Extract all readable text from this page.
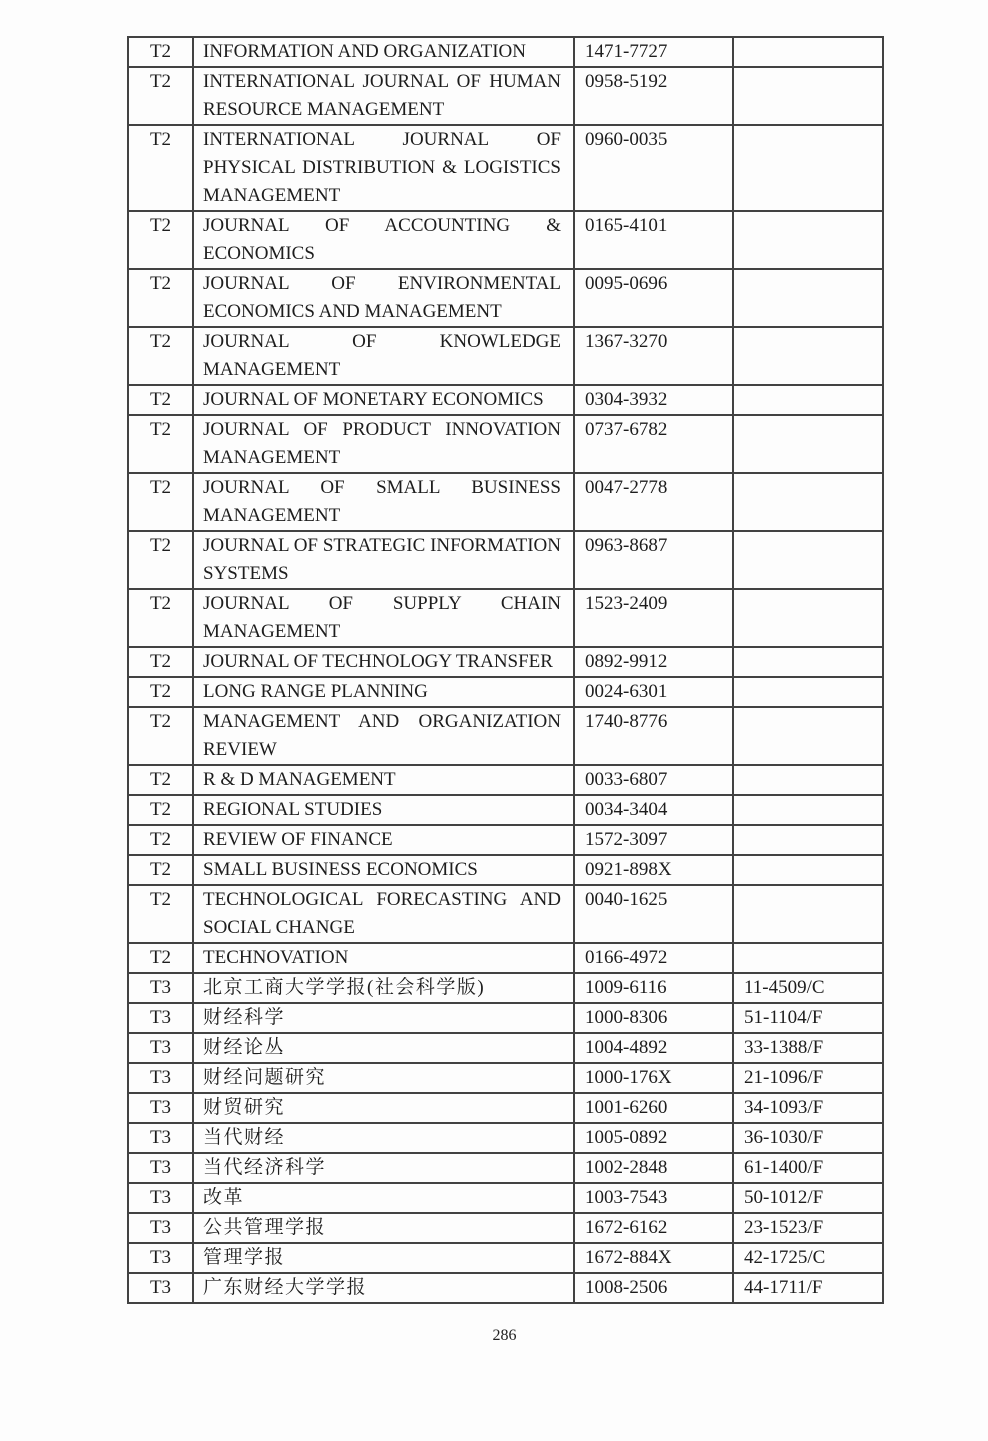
T2	INFORMATION AND ORGANIZATION	1471-7727	
T2	INTERNATIONAL JOURNAL OF HUMAN RESOURCE MANAGEMENT	0958-5192	
T2	INTERNATIONAL JOURNAL OF PHYSICAL DISTRIBUTION & LOGISTICS MANAGEMENT	0960-0035	
T2	JOURNAL OF ACCOUNTING & ECONOMICS	0165-4101	
T2	JOURNAL OF ENVIRONMENTAL ECONOMICS AND MANAGEMENT	0095-0696	
T2	JOURNAL OF KNOWLEDGE MANAGEMENT	1367-3270	
T2	JOURNAL OF MONETARY ECONOMICS	0304-3932	
T2	JOURNAL OF PRODUCT INNOVATION MANAGEMENT	0737-6782	
T2	JOURNAL OF SMALL BUSINESS MANAGEMENT	0047-2778	
T2	JOURNAL OF STRATEGIC INFORMATION SYSTEMS	0963-8687	
T2	JOURNAL OF SUPPLY CHAIN MANAGEMENT	1523-2409	
T2	JOURNAL OF TECHNOLOGY TRANSFER	0892-9912	
T2	LONG RANGE PLANNING	0024-6301	
T2	MANAGEMENT AND ORGANIZATION REVIEW	1740-8776	
T2	R & D MANAGEMENT	0033-6807	
T2	REGIONAL STUDIES	0034-3404	
T2	REVIEW OF FINANCE	1572-3097	
T2	SMALL BUSINESS ECONOMICS	0921-898X	
T2	TECHNOLOGICAL FORECASTING AND SOCIAL CHANGE	0040-1625	
T2	TECHNOVATION	0166-4972	
T3	北京工商大学学报(社会科学版)	1009-6116	11-4509/C
T3	财经科学	1000-8306	51-1104/F
T3	财经论丛	1004-4892	33-1388/F
T3	财经问题研究	1000-176X	21-1096/F
T3	财贸研究	1001-6260	34-1093/F
T3	当代财经	1005-0892	36-1030/F
T3	当代经济科学	1002-2848	61-1400/F
T3	改革	1003-7543	50-1012/F
T3	公共管理学报	1672-6162	23-1523/F
T3	管理学报	1672-884X	42-1725/C
T3	广东财经大学学报	1008-2506	44-1711/F
286
